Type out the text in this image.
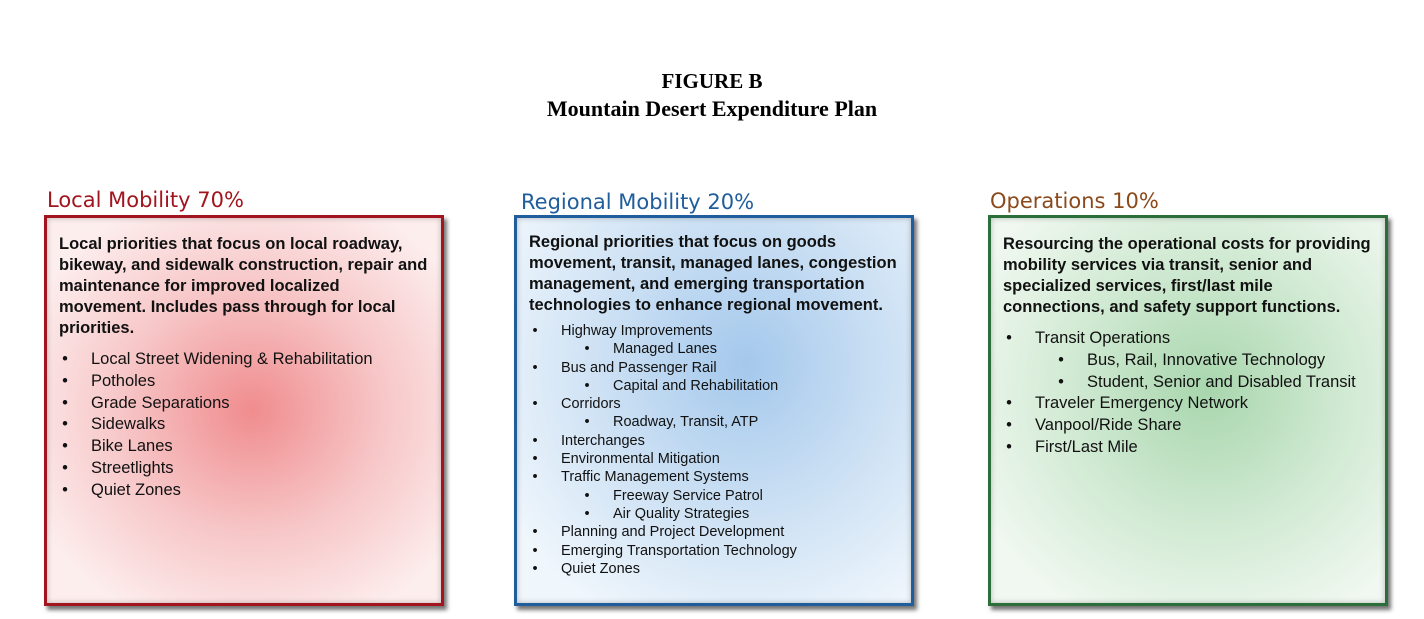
FIGURE B
Mountain Desert Expenditure Plan
Local Mobility 70%	Regional Mobility 20%	Operations 10%

Local priorities that focus on local roadway, bikeway, and sidewalk construction, repair and maintenance for improved localized movement. Includes pass through for local priorities.

• Local Street Widening & Rehabilitation
• Potholes
• Grade Separations
• Sidewalks
• Bike Lanes
• Streetlights
• Quiet Zones

Regional priorities that focus on goods movement, transit, managed lanes, congestion management, and emerging transportation technologies to enhance regional movement.

• Highway Improvements
• Managed Lanes
• Bus and Passenger Rail
• Capital and Rehabilitation
• Corridors
• Roadway, Transit, ATP
• Interchanges
• Environmental Mitigation
• Traffic Management Systems
• Freeway Service Patrol
• Air Quality Strategies
• Planning and Project Development
• Emerging Transportation Technology
• Quiet Zones

Resourcing the operational costs for providing mobility services via transit, senior and specialized services, first/last mile connections, and safety support functions.

• Transit Operations
• Bus, Rail, Innovative Technology
• Student, Senior and Disabled Transit
• Traveler Emergency Network
• Vanpool/Ride Share
• First/Last Mile
